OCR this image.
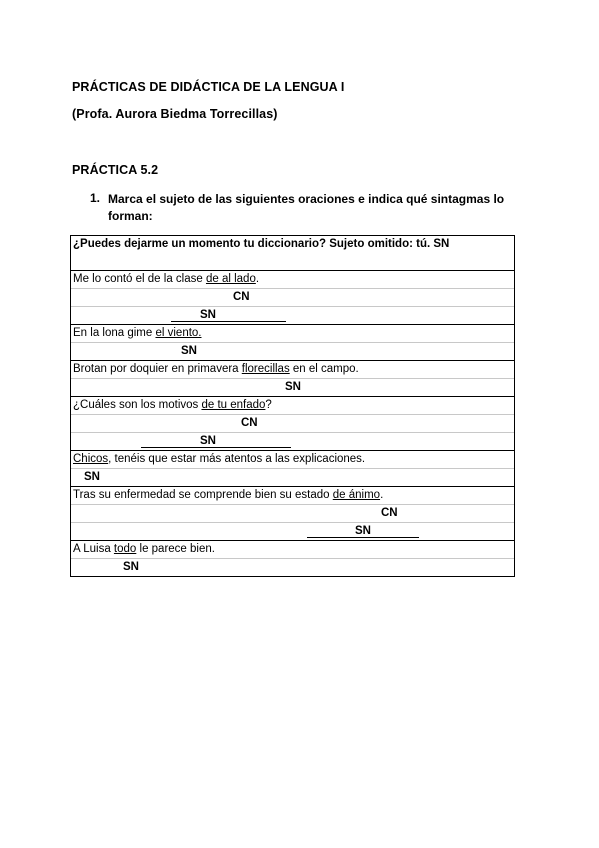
PRÁCTICAS DE DIDÁCTICA DE LA LENGUA I
(Profa. Aurora Biedma Torrecillas)
PRÁCTICA 5.2
1. Marca el sujeto de las siguientes oraciones e indica qué sintagmas lo forman:
¿Puedes dejarme un momento tu diccionario? Sujeto omitido: tú. SN

Me lo contó el de la clase de al lado.
CN
SN

En la lona gime el viento.
SN

Brotan por doquier en primavera florecillas en el campo.
SN

¿Cuáles son los motivos de tu enfado?
CN
SN

Chicos, tenéis que estar más atentos a las explicaciones.
SN

Tras su enfermedad se comprende bien su estado de ánimo.
CN
SN

A Luisa todo le parece bien.
SN
